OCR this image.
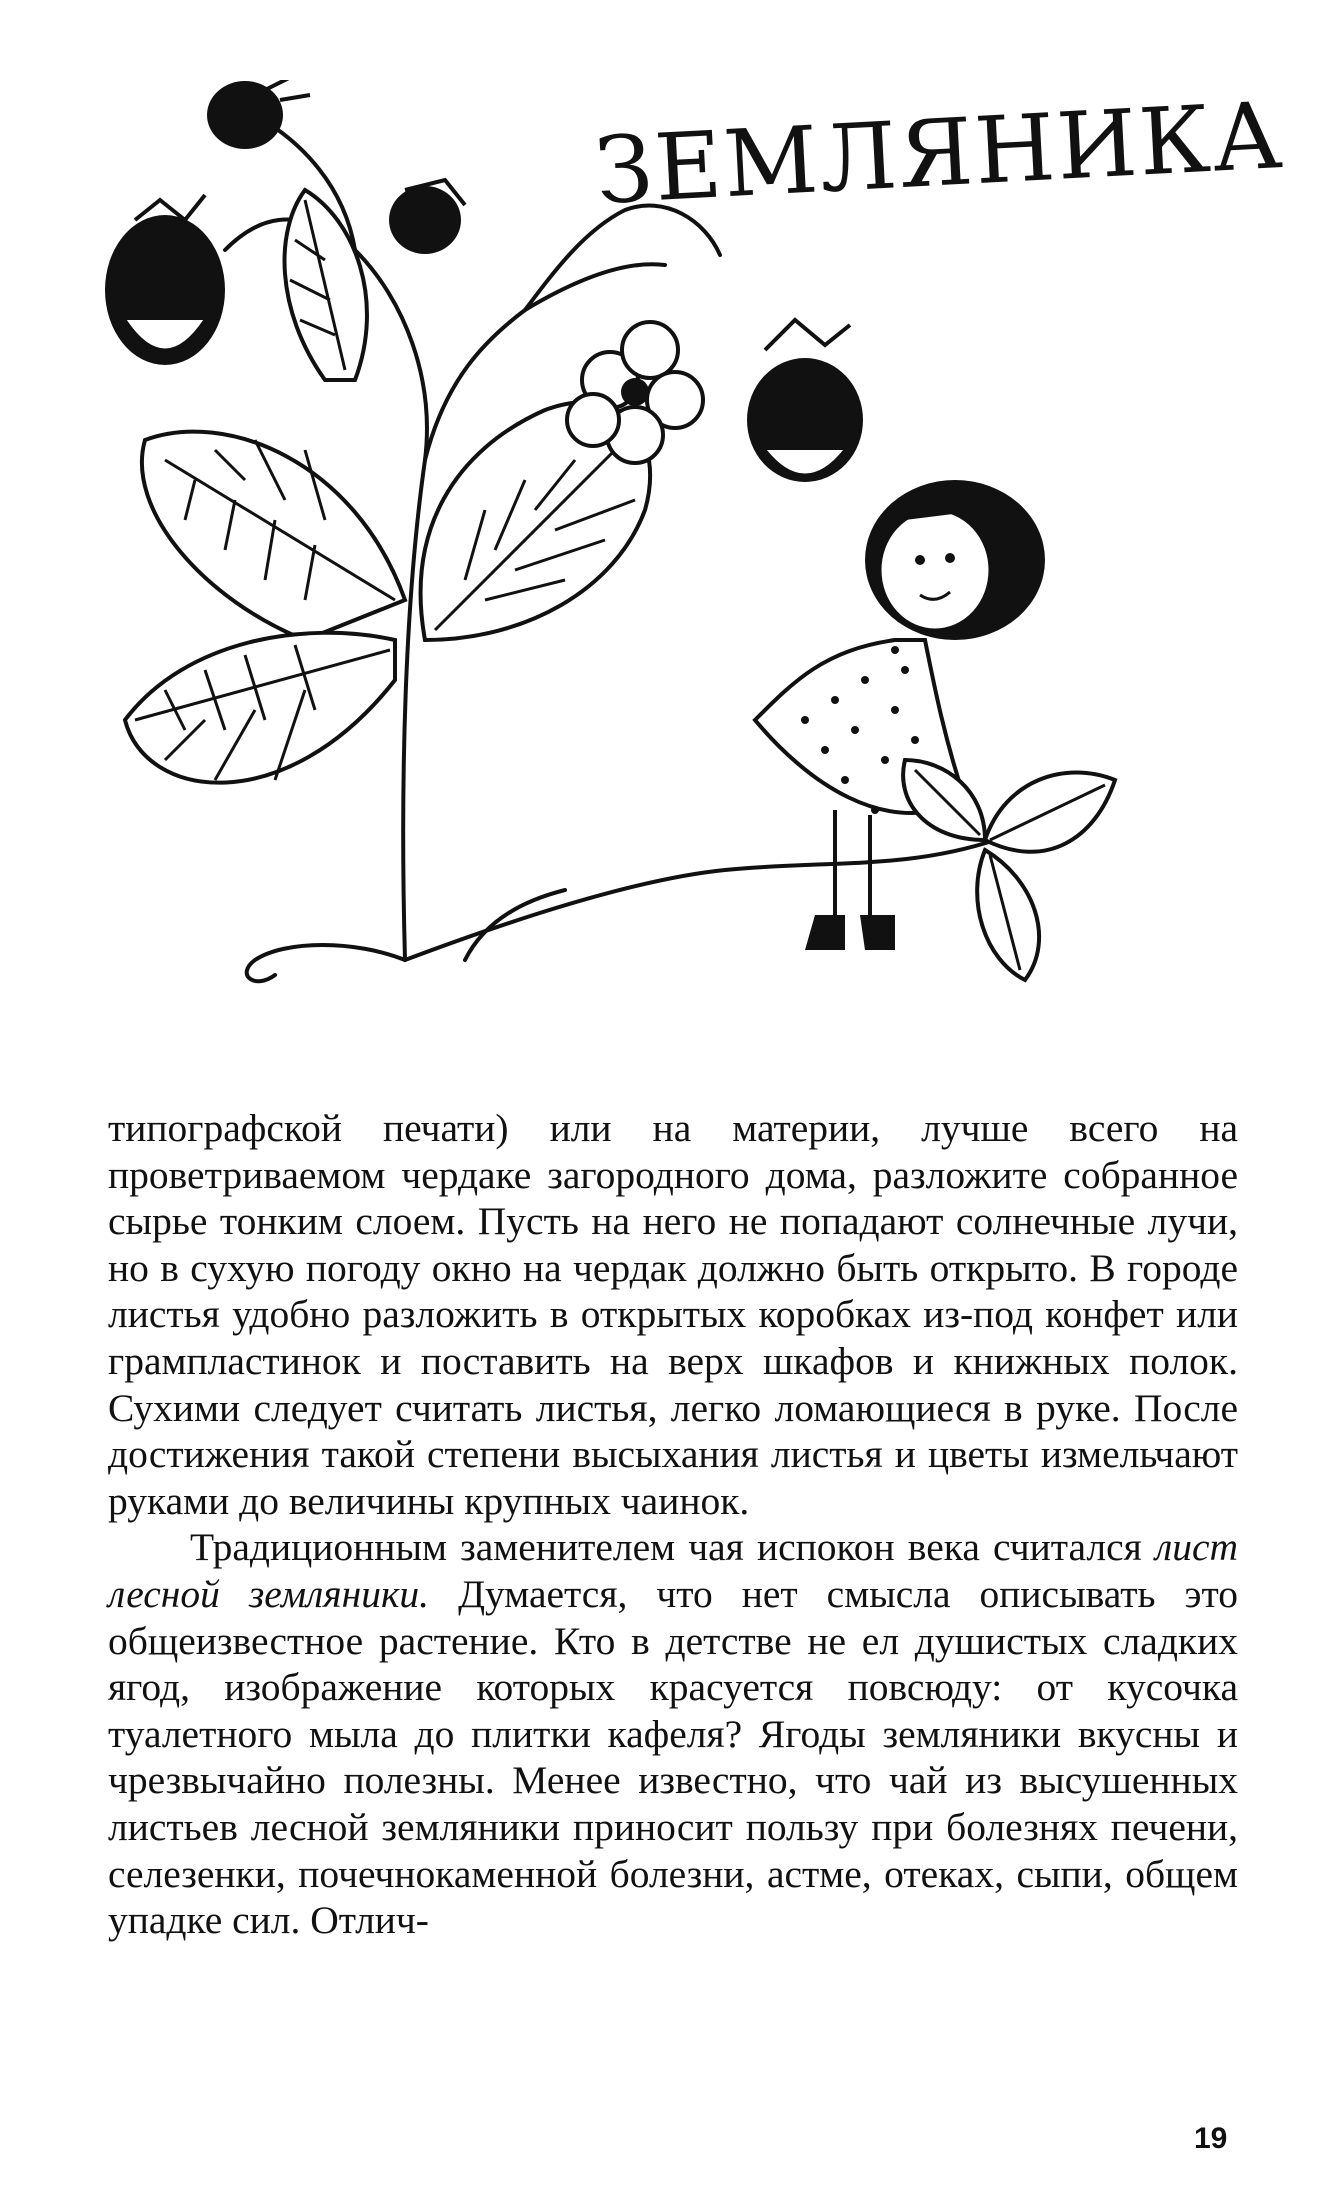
ЗЕМЛЯНИКА

типографской печати) или на материи, лучше всего на проветриваемом чердаке загородного дома, разложите собранное сырье тонким слоем. Пусть на него не попадают солнечные лучи, но в сухую погоду окно на чердак должно быть открыто. В городе листья удобно разложить в открытых коробках из-под конфет или грампластинок и поставить на верх шкафов и книжных полок. Сухими следует считать листья, легко ломающиеся в руке. После достижения такой степени высыхания листья и цветы измельчают руками до величины крупных чаинок.

Традиционным заменителем чая испокон века считался лист лесной земляники. Думается, что нет смысла описывать это общеизвестное растение. Кто в детстве не ел душистых сладких ягод, изображение которых красуется повсюду: от кусочка туалетного мыла до плитки кафеля? Ягоды земляники вкусны и чрезвычайно полезны. Менее известно, что чай из высушенных листьев лесной земляники приносит пользу при болезнях печени, селезенки, почечнокаменной болезни, астме, отеках, сыпи, общем упадке сил. Отлич-

19
